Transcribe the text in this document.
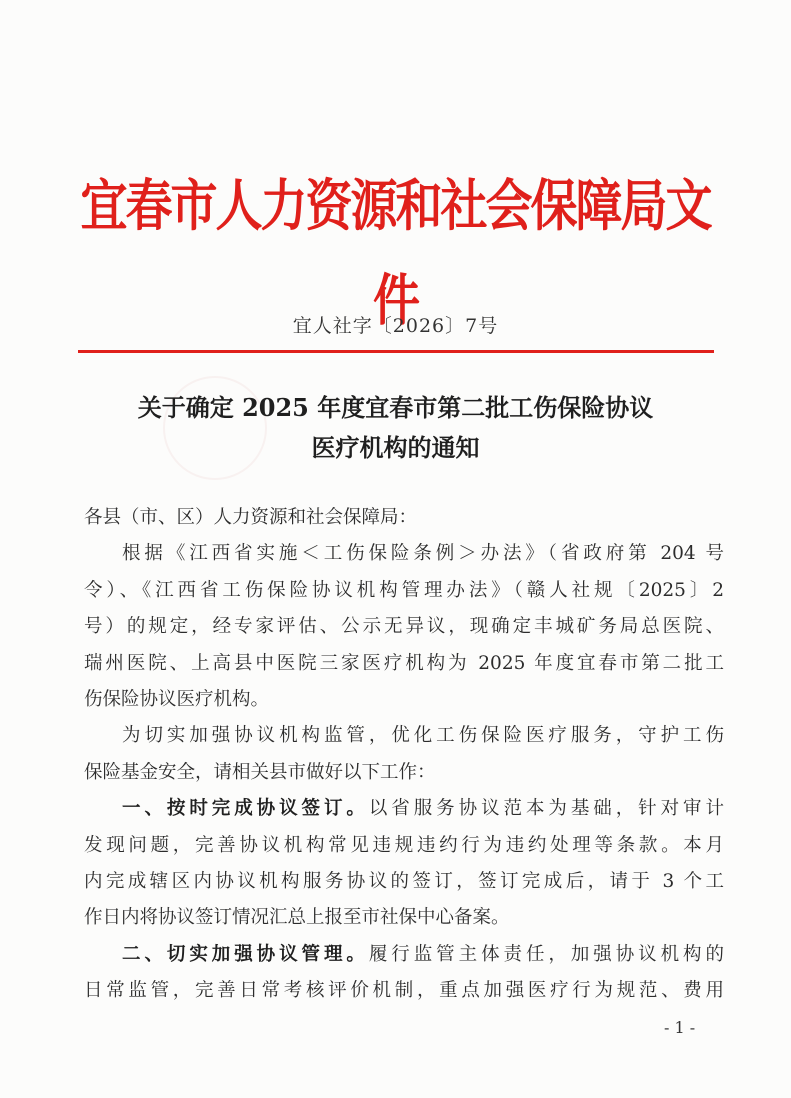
宜春市人力资源和社会保障局文件
宜人社字〔2026〕7号
关于确定 2025 年度宜春市第二批工伤保险协议
医疗机构的通知
各县（市、区）人力资源和社会保障局：
根据《江西省实施＜工伤保险条例＞办法》（省政府第 204 号
令）、《江西省工伤保险协议机构管理办法》（赣人社规〔2025〕2
号）的规定，经专家评估、公示无异议，现确定丰城矿务局总医院、
瑞州医院、上高县中医院三家医疗机构为 2025 年度宜春市第二批工
伤保险协议医疗机构。
为切实加强协议机构监管，优化工伤保险医疗服务，守护工伤
保险基金安全，请相关县市做好以下工作：
一、按时完成协议签订。以省服务协议范本为基础，针对审计
发现问题，完善协议机构常见违规违约行为违约处理等条款。本月
内完成辖区内协议机构服务协议的签订，签订完成后，请于 3 个工
作日内将协议签订情况汇总上报至市社保中心备案。
二、切实加强协议管理。履行监管主体责任，加强协议机构的
日常监管，完善日常考核评价机制，重点加强医疗行为规范、费用
- 1 -
